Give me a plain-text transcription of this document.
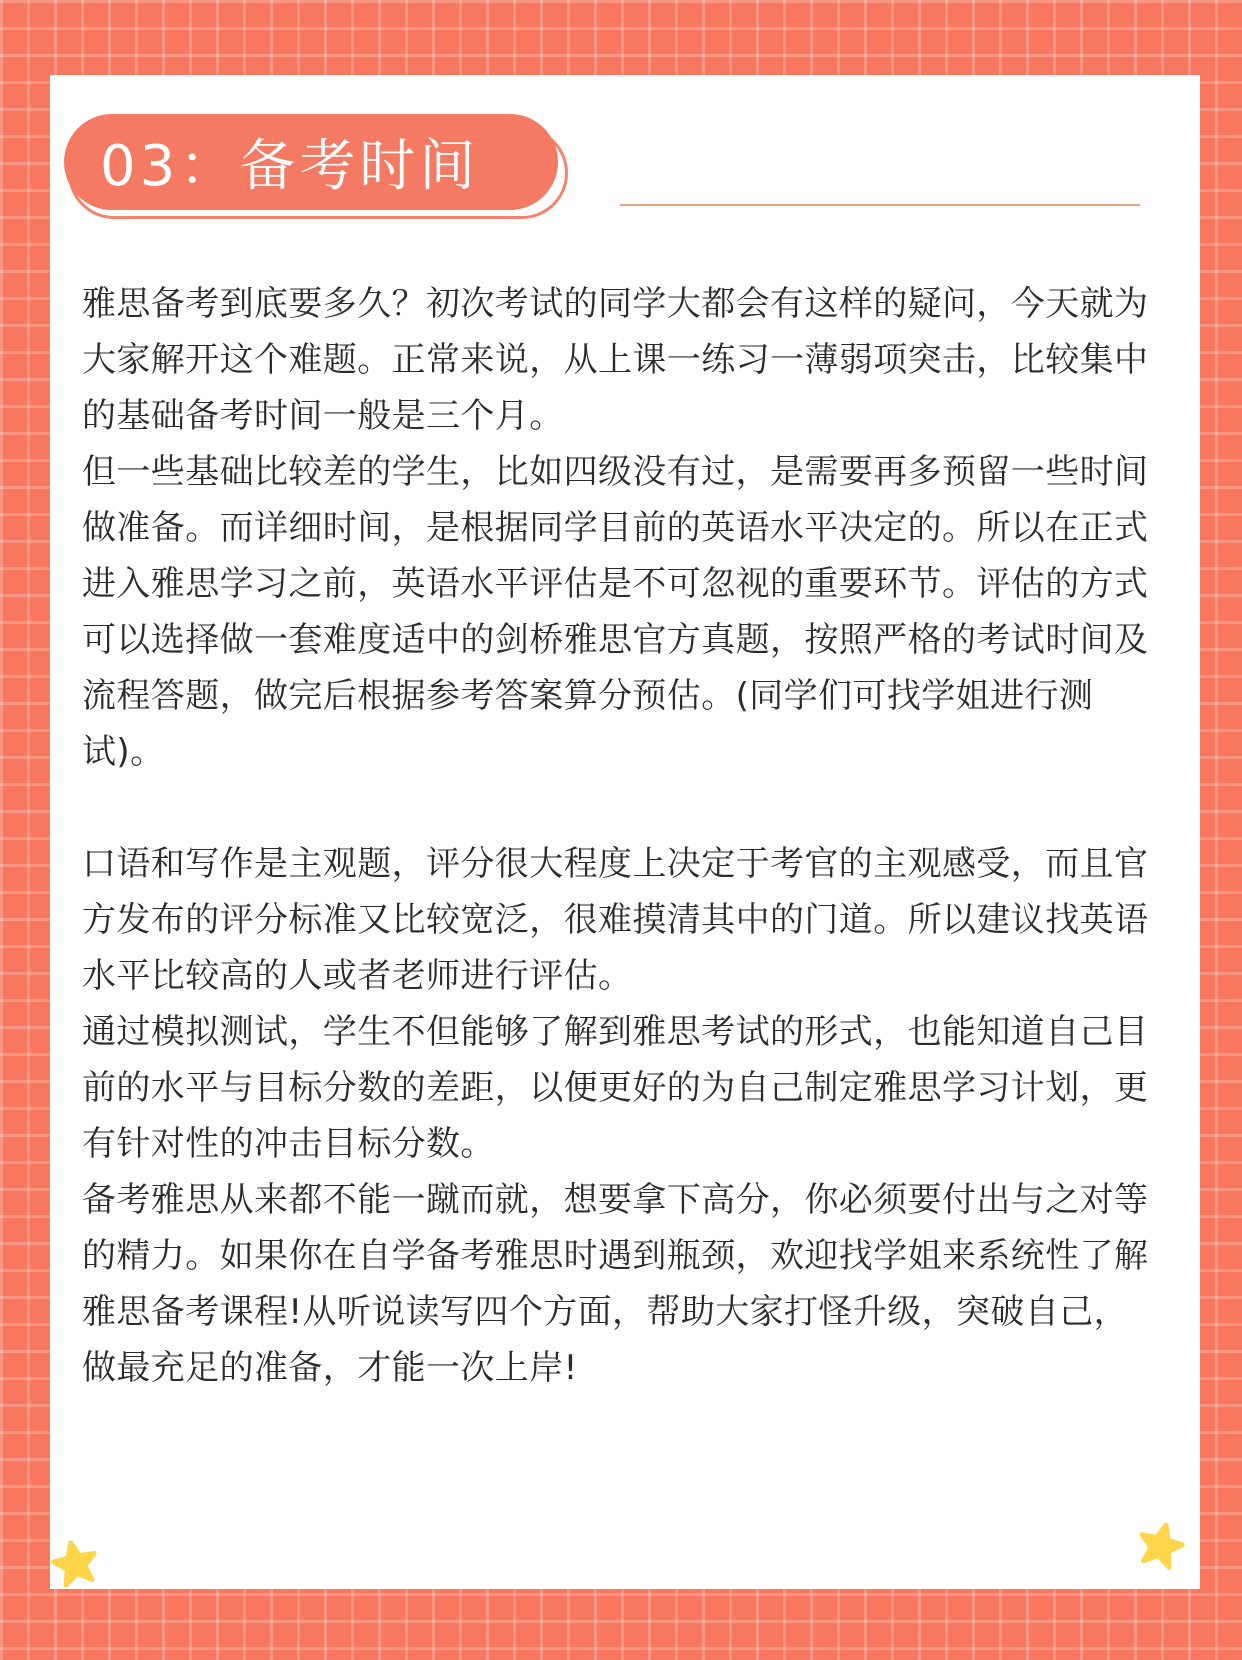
03：备考时间

雅思备考到底要多久？初次考试的同学大都会有这样的疑问，今天就为大家解开这个难题。正常来说，从上课一练习一薄弱项突击，比较集中的基础备考时间一般是三个月。

但一些基础比较差的学生，比如四级没有过，是需要再多预留一些时间做准备。而详细时间，是根据同学目前的英语水平决定的。所以在正式进入雅思学习之前，英语水平评估是不可忽视的重要环节。评估的方式可以选择做一套难度适中的剑桥雅思官方真题，按照严格的考试时间及流程答题，做完后根据参考答案算分预估。(同学们可找学姐进行测试)。

口语和写作是主观题，评分很大程度上决定于考官的主观感受，而且官方发布的评分标准又比较宽泛，很难摸清其中的门道。所以建议找英语水平比较高的人或者老师进行评估。

通过模拟测试，学生不但能够了解到雅思考试的形式，也能知道自己目前的水平与目标分数的差距，以便更好的为自己制定雅思学习计划，更有针对性的冲击目标分数。

备考雅思从来都不能一蹴而就，想要拿下高分，你必须要付出与之对等的精力。如果你在自学备考雅思时遇到瓶颈，欢迎找学姐来系统性了解雅思备考课程!从听说读写四个方面，帮助大家打怪升级，突破自己，做最充足的准备，才能一次上岸!
